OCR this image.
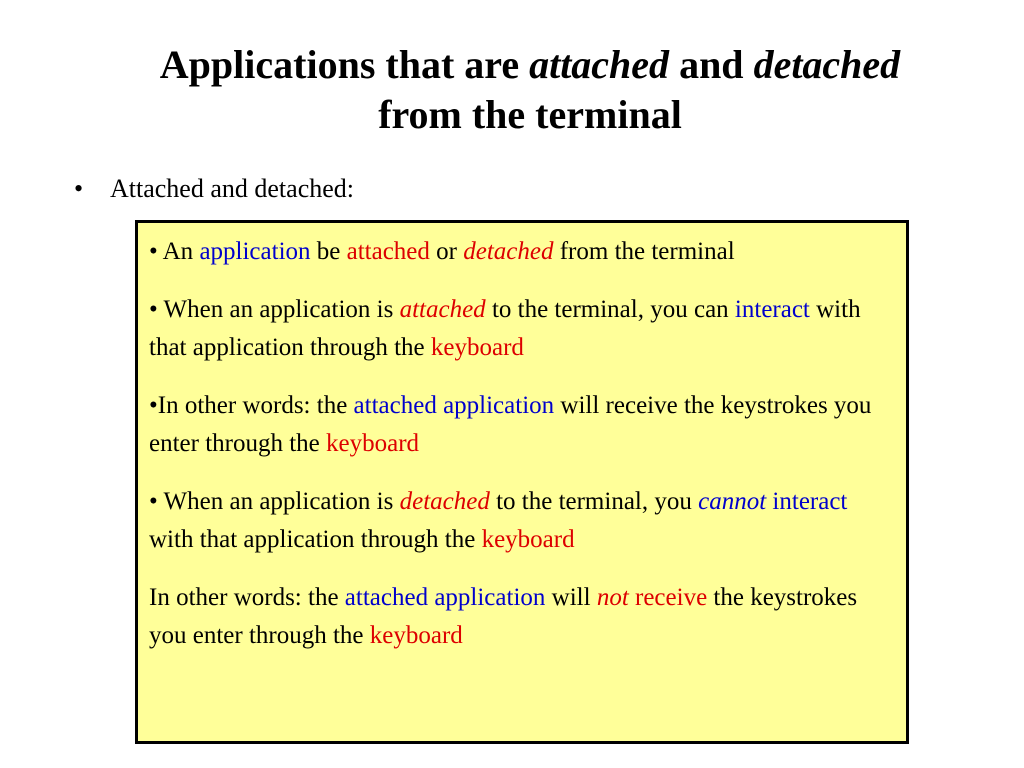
Applications that are attached and detached
from the terminal
•	Attached and detached:

• An application be attached or detached from the terminal

• When an application is attached to the terminal, you can interact with that application through the keyboard

•In other words: the attached application will receive the keystrokes you enter through the keyboard

• When an application is detached to the terminal, you cannot interact with that application through the keyboard

In other words: the attached application will not receive the keystrokes you enter through the keyboard
